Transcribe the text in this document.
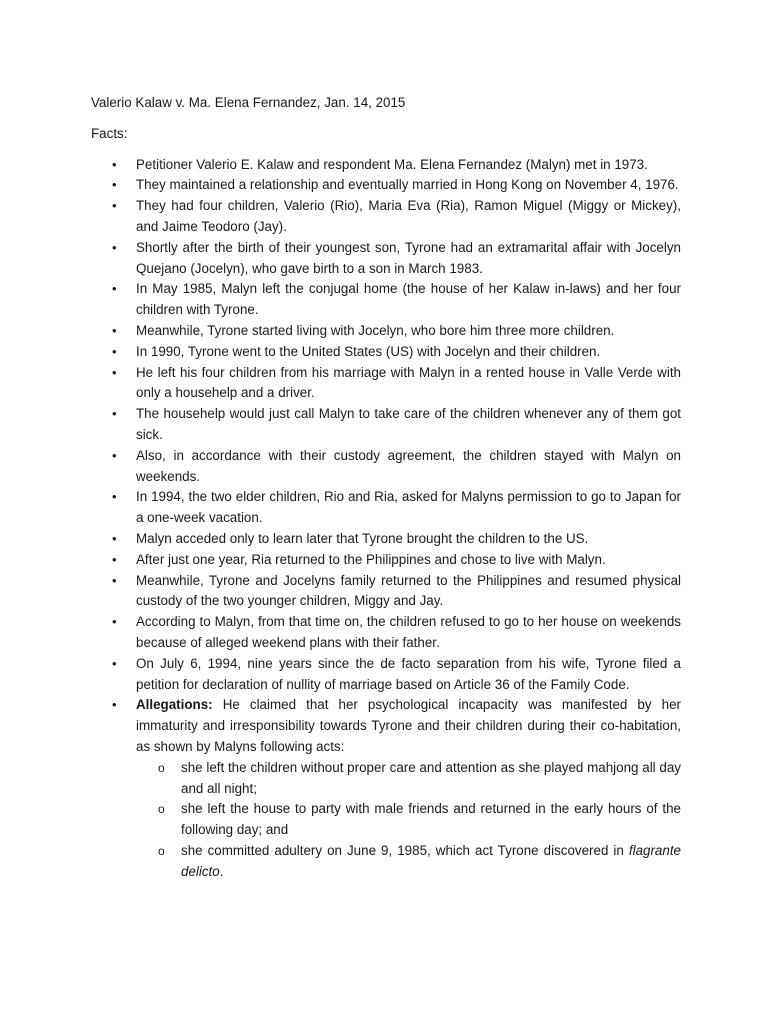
Valerio Kalaw v. Ma. Elena Fernandez, Jan. 14, 2015

Facts:

• Petitioner Valerio E. Kalaw and respondent Ma. Elena Fernandez (Malyn) met in 1973.
• They maintained a relationship and eventually married in Hong Kong on November 4, 1976.
• They had four children, Valerio (Rio), Maria Eva (Ria), Ramon Miguel (Miggy or Mickey), and Jaime Teodoro (Jay).
• Shortly after the birth of their youngest son, Tyrone had an extramarital affair with Jocelyn Quejano (Jocelyn), who gave birth to a son in March 1983.
• In May 1985, Malyn left the conjugal home (the house of her Kalaw in-laws) and her four children with Tyrone.
• Meanwhile, Tyrone started living with Jocelyn, who bore him three more children.
• In 1990, Tyrone went to the United States (US) with Jocelyn and their children.
• He left his four children from his marriage with Malyn in a rented house in Valle Verde with only a househelp and a driver.
• The househelp would just call Malyn to take care of the children whenever any of them got sick.
• Also, in accordance with their custody agreement, the children stayed with Malyn on weekends.
• In 1994, the two elder children, Rio and Ria, asked for Malyns permission to go to Japan for a one-week vacation.
• Malyn acceded only to learn later that Tyrone brought the children to the US.
• After just one year, Ria returned to the Philippines and chose to live with Malyn.
• Meanwhile, Tyrone and Jocelyns family returned to the Philippines and resumed physical custody of the two younger children, Miggy and Jay.
• According to Malyn, from that time on, the children refused to go to her house on weekends because of alleged weekend plans with their father.
• On July 6, 1994, nine years since the de facto separation from his wife, Tyrone filed a petition for declaration of nullity of marriage based on Article 36 of the Family Code.
• Allegations: He claimed that her psychological incapacity was manifested by her immaturity and irresponsibility towards Tyrone and their children during their co-habitation, as shown by Malyns following acts:
o she left the children without proper care and attention as she played mahjong all day and all night;
o she left the house to party with male friends and returned in the early hours of the following day; and
o she committed adultery on June 9, 1985, which act Tyrone discovered in flagrante delicto.
